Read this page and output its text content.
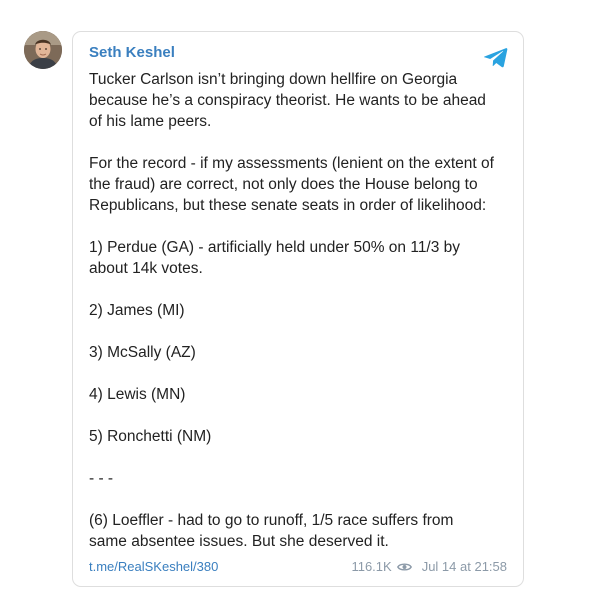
Seth Keshel

Tucker Carlson isn’t bringing down hellfire on Georgia
because he’s a conspiracy theorist. He wants to be ahead
of his lame peers.

For the record - if my assessments (lenient on the extent of
the fraud) are correct, not only does the House belong to
Republicans, but these senate seats in order of likelihood:

1) Perdue (GA) - artificially held under 50% on 11/3 by
about 14k votes.

2) James (MI)

3) McSally (AZ)

4) Lewis (MN)

5) Ronchetti (NM)

- - -

(6) Loeffler - had to go to runoff, 1/5 race suffers from
same absentee issues. But she deserved it.

t.me/RealSKeshel/380	116.1K Jul 14 at 21:58
